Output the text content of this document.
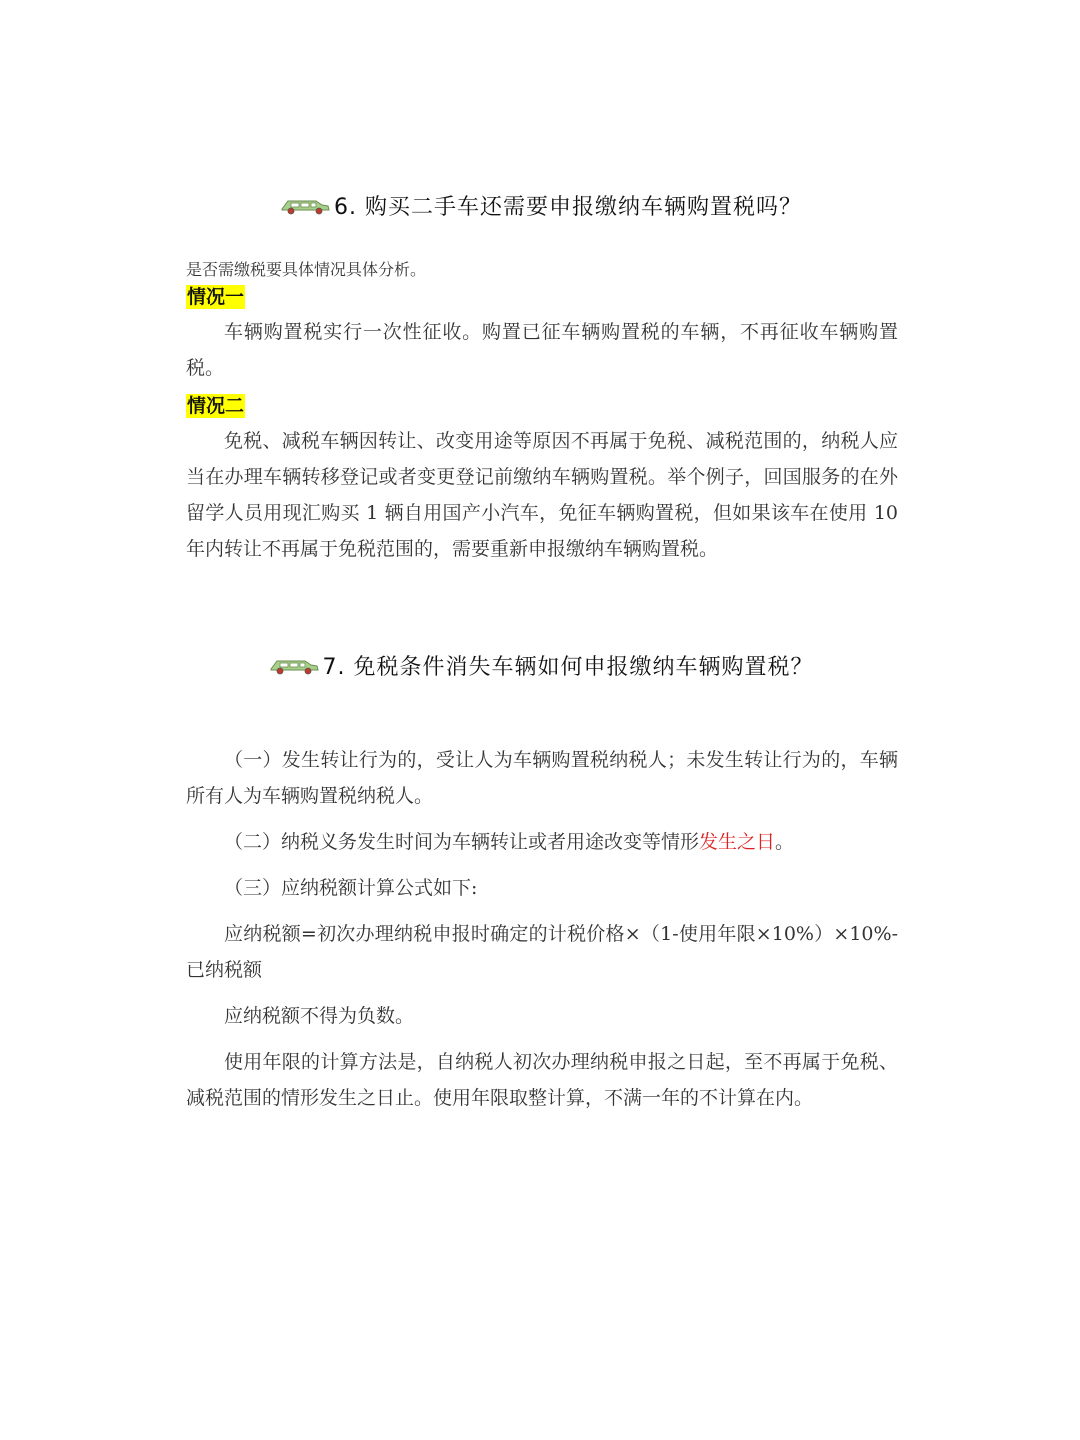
6. 购买二手车还需要申报缴纳车辆购置税吗？
是否需缴税要具体情况具体分析。
情况一
车辆购置税实行一次性征收。购置已征车辆购置税的车辆，不再征收车辆购置税。
情况二
免税、减税车辆因转让、改变用途等原因不再属于免税、减税范围的，纳税人应当在办理车辆转移登记或者变更登记前缴纳车辆购置税。举个例子，回国服务的在外留学人员用现汇购买 1 辆自用国产小汽车，免征车辆购置税，但如果该车在使用 10 年内转让不再属于免税范围的，需要重新申报缴纳车辆购置税。
7. 免税条件消失车辆如何申报缴纳车辆购置税？
（一）发生转让行为的，受让人为车辆购置税纳税人；未发生转让行为的，车辆所有人为车辆购置税纳税人。
（二）纳税义务发生时间为车辆转让或者用途改变等情形发生之日。
（三）应纳税额计算公式如下:
应纳税额=初次办理纳税申报时确定的计税价格×（1-使用年限×10%）×10%-已纳税额
应纳税额不得为负数。
使用年限的计算方法是，自纳税人初次办理纳税申报之日起，至不再属于免税、减税范围的情形发生之日止。使用年限取整计算，不满一年的不计算在内。
